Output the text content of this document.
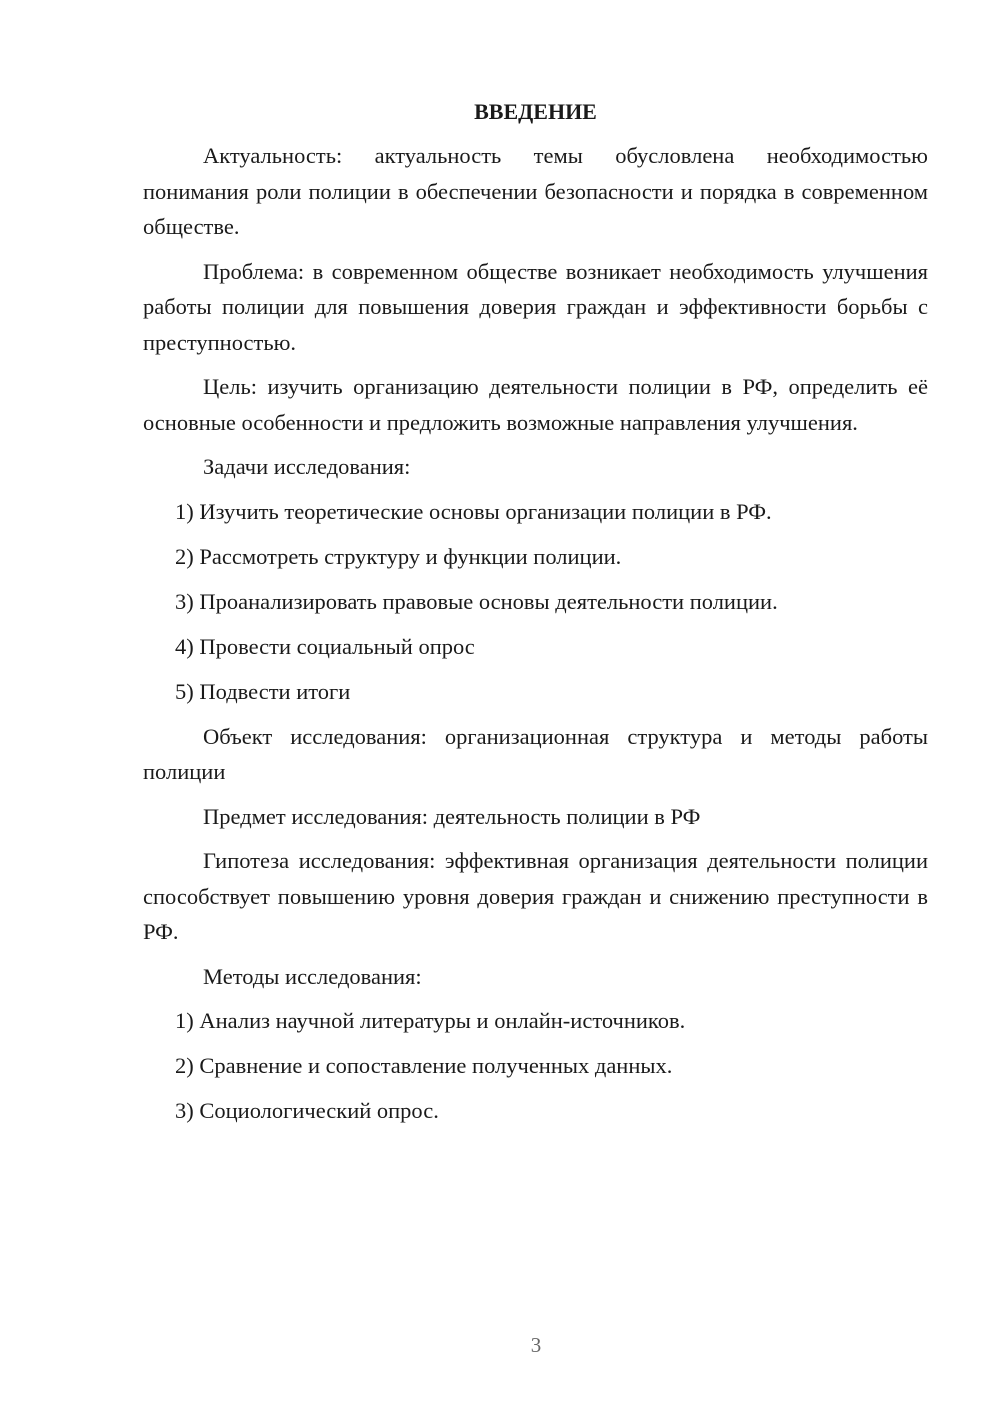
ВВЕДЕНИЕ

Актуальность: актуальность темы обусловлена необходимостью понимания роли полиции в обеспечении безопасности и порядка в современном обществе.

Проблема: в современном обществе возникает необходимость улучшения работы полиции для повышения доверия граждан и эффективности борьбы с преступностью.

Цель: изучить организацию деятельности полиции в РФ, определить её основные особенности и предложить возможные направления улучшения.

Задачи исследования:
1) Изучить теоретические основы организации полиции в РФ.
2) Рассмотреть структуру и функции полиции.
3) Проанализировать правовые основы деятельности полиции.
4) Провести социальный опрос
5) Подвести итоги

Объект исследования: организационная структура и методы работы полиции

Предмет исследования: деятельность полиции в РФ

Гипотеза исследования: эффективная организация деятельности полиции способствует повышению уровня доверия граждан и снижению преступности в РФ.

Методы исследования:
1) Анализ научной литературы и онлайн-источников.
2) Сравнение и сопоставление полученных данных.
3) Социологический опрос.
3
